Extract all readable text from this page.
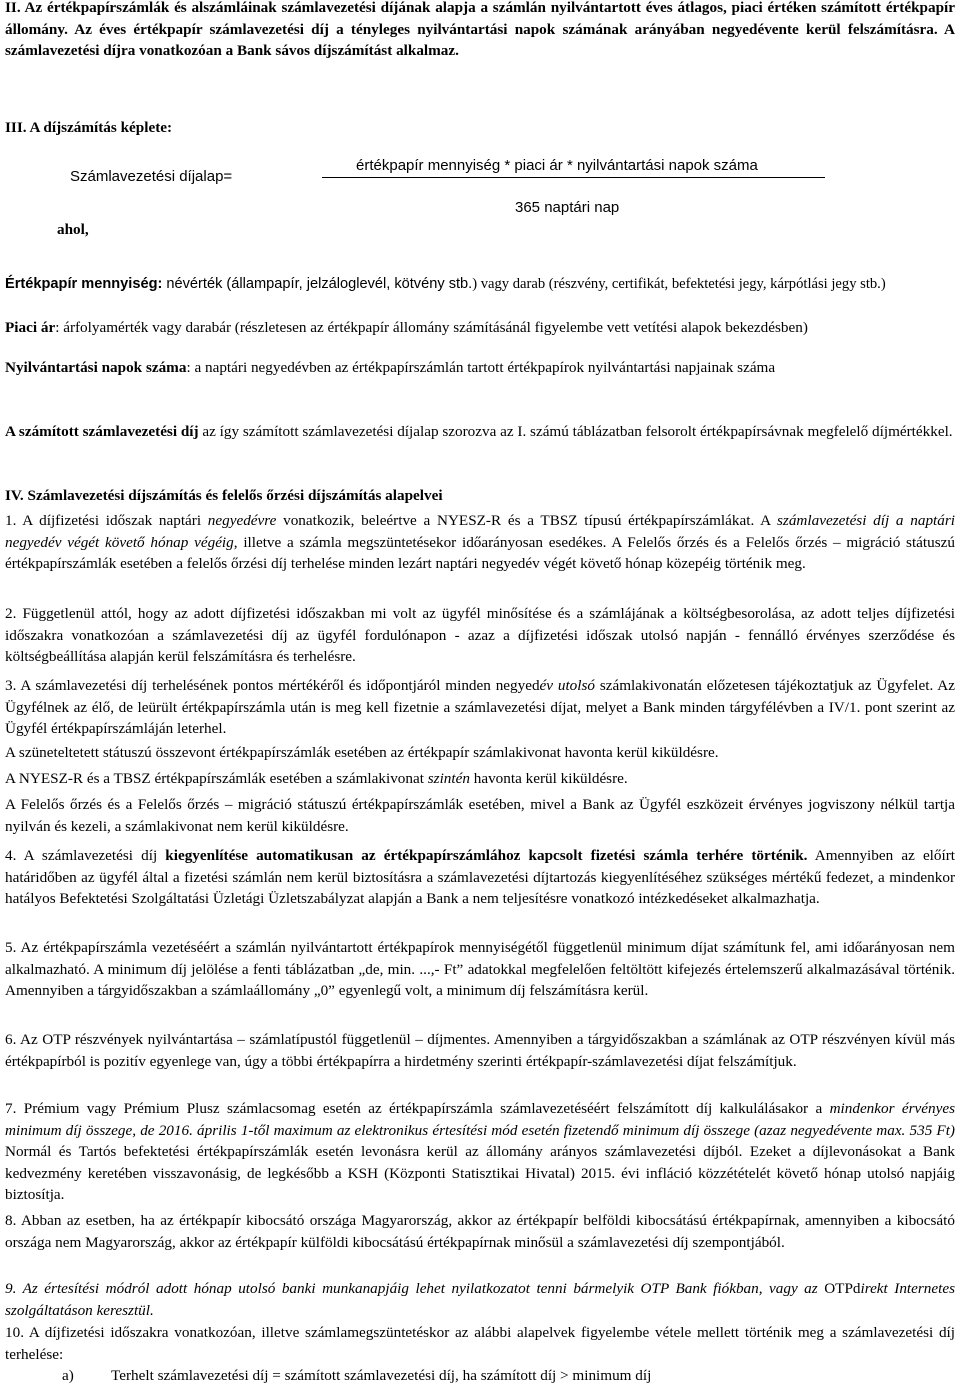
II. Az értékpapírszámlák és alszámláinak számlavezetési díjának alapja a számlán nyilvántartott éves átlagos, piaci értéken számított értékpapír állomány. Az éves értékpapír számlavezetési díj a tényleges nyilvántartási napok számának arányában negyedévente kerül felszámításra. A számlavezetési díjra vonatkozóan a Bank sávos díjszámítást alkalmaz.

III. A díjszámítás képlete:

Számlavezetési díjalap=
értékpapír mennyiség * piaci ár * nyilvántartási napok száma
365 naptári nap
ahol,

Értékpapír mennyiség: névérték (állampapír, jelzáloglevél, kötvény stb.) vagy darab (részvény, certifikát, befektetési jegy, kárpótlási jegy stb.)

Piaci ár: árfolyamérték vagy darabár (részletesen az értékpapír állomány számításánál figyelembe vett vetítési alapok bekezdésben)

Nyilvántartási napok száma: a naptári negyedévben az értékpapírszámlán tartott értékpapírok nyilvántartási napjainak száma

A számított számlavezetési díj az így számított számlavezetési díjalap szorozva az I. számú táblázatban felsorolt értékpapírsávnak megfelelő díjmértékkel.

IV. Számlavezetési díjszámítás és felelős őrzési díjszámítás alapelvei

1. A díjfizetési időszak naptári negyedévre vonatkozik, beleértve a NYESZ-R és a TBSZ típusú értékpapírszámlákat. A számlavezetési díj a naptári negyedév végét követő hónap végéig, illetve a számla megszüntetésekor időarányosan esedékes. A Felelős őrzés és a Felelős őrzés – migráció státuszú értékpapírszámlák esetében a felelős őrzési díj terhelése minden lezárt naptári negyedév végét követő hónap közepéig történik meg.

2. Függetlenül attól, hogy az adott díjfizetési időszakban mi volt az ügyfél minősítése és a számlájának a költségbesorolása, az adott teljes díjfizetési időszakra vonatkozóan a számlavezetési díj az ügyfél fordulónapon - azaz a díjfizetési időszak utolsó napján - fennálló érvényes szerződése és költségbeállítása alapján kerül felszámításra és terhelésre.

3. A számlavezetési díj terhelésének pontos mértékéről és időpontjáról minden negyedév utolsó számlakivonatán előzetesen tájékoztatjuk az Ügyfelet. Az Ügyfélnek az élő, de leürült értékpapírszámla után is meg kell fizetnie a számlavezetési díjat, melyet a Bank minden tárgyfélévben a IV/1. pont szerint az Ügyfél értékpapírszámláján leterhel.

A szüneteltetett státuszú összevont értékpapírszámlák esetében az értékpapír számlakivonat havonta kerül kiküldésre.

A NYESZ-R és a TBSZ értékpapírszámlák esetében a számlakivonat szintén havonta kerül kiküldésre.

A Felelős őrzés és a Felelős őrzés – migráció státuszú értékpapírszámlák esetében, mivel a Bank az Ügyfél eszközeit érvényes jogviszony nélkül tartja nyilván és kezeli, a számlakivonat nem kerül kiküldésre.

4. A számlavezetési díj kiegyenlítése automatikusan az értékpapírszámlához kapcsolt fizetési számla terhére történik. Amennyiben az előírt határidőben az ügyfél által a fizetési számlán nem kerül biztosításra a számlavezetési díjtartozás kiegyenlítéséhez szükséges mértékű fedezet, a mindenkor hatályos Befektetési Szolgáltatási Üzletági Üzletszabályzat alapján a Bank a nem teljesítésre vonatkozó intézkedéseket alkalmazhatja.

5. Az értékpapírszámla vezetéséért a számlán nyilvántartott értékpapírok mennyiségétől függetlenül minimum díjat számítunk fel, ami időarányosan nem alkalmazható. A minimum díj jelölése a fenti táblázatban „de, min. ...,- Ft” adatokkal megfelelően feltöltött kifejezés értelemszerű alkalmazásával történik. Amennyiben a tárgyidőszakban a számlaállomány „0” egyenlegű volt, a minimum díj felszámításra kerül.

6. Az OTP részvények nyilvántartása – számlatípustól függetlenül – díjmentes. Amennyiben a tárgyidőszakban a számlának az OTP részvényen kívül más értékpapírból is pozitív egyenlege van, úgy a többi értékpapírra a hirdetmény szerinti értékpapír-számlavezetési díjat felszámítjuk.

7. Prémium vagy Prémium Plusz számlacsomag esetén az értékpapírszámla számlavezetéséért felszámított díj kalkulálásakor a mindenkor érvényes minimum díj összege, de 2016. április 1-től maximum az elektronikus értesítési mód esetén fizetendő minimum díj összege (azaz negyedévente max. 535 Ft) Normál és Tartós befektetési értékpapírszámlák esetén levonásra kerül az állomány arányos számlavezetési díjból. Ezeket a díjlevonásokat a Bank kedvezmény keretében visszavonásig, de legkésőbb a KSH (Központi Statisztikai Hivatal) 2015. évi infláció közzétételét követő hónap utolsó napjáig biztosítja.

8. Abban az esetben, ha az értékpapír kibocsátó országa Magyarország, akkor az értékpapír belföldi kibocsátású értékpapírnak, amennyiben a kibocsátó országa nem Magyarország, akkor az értékpapír külföldi kibocsátású értékpapírnak minősül a számlavezetési díj szempontjából.

9. Az értesítési módról adott hónap utolsó banki munkanapjáig lehet nyilatkozatot tenni bármelyik OTP Bank fiókban, vagy az OTPdirekt Internetes szolgáltatáson keresztül.

10. A díjfizetési időszakra vonatkozóan, illetve számlamegszüntetéskor az alábbi alapelvek figyelembe vétele mellett történik meg a számlavezetési díj terhelése:

a) Terhelt számlavezetési díj = számított számlavezetési díj, ha számított díj > minimum díj
